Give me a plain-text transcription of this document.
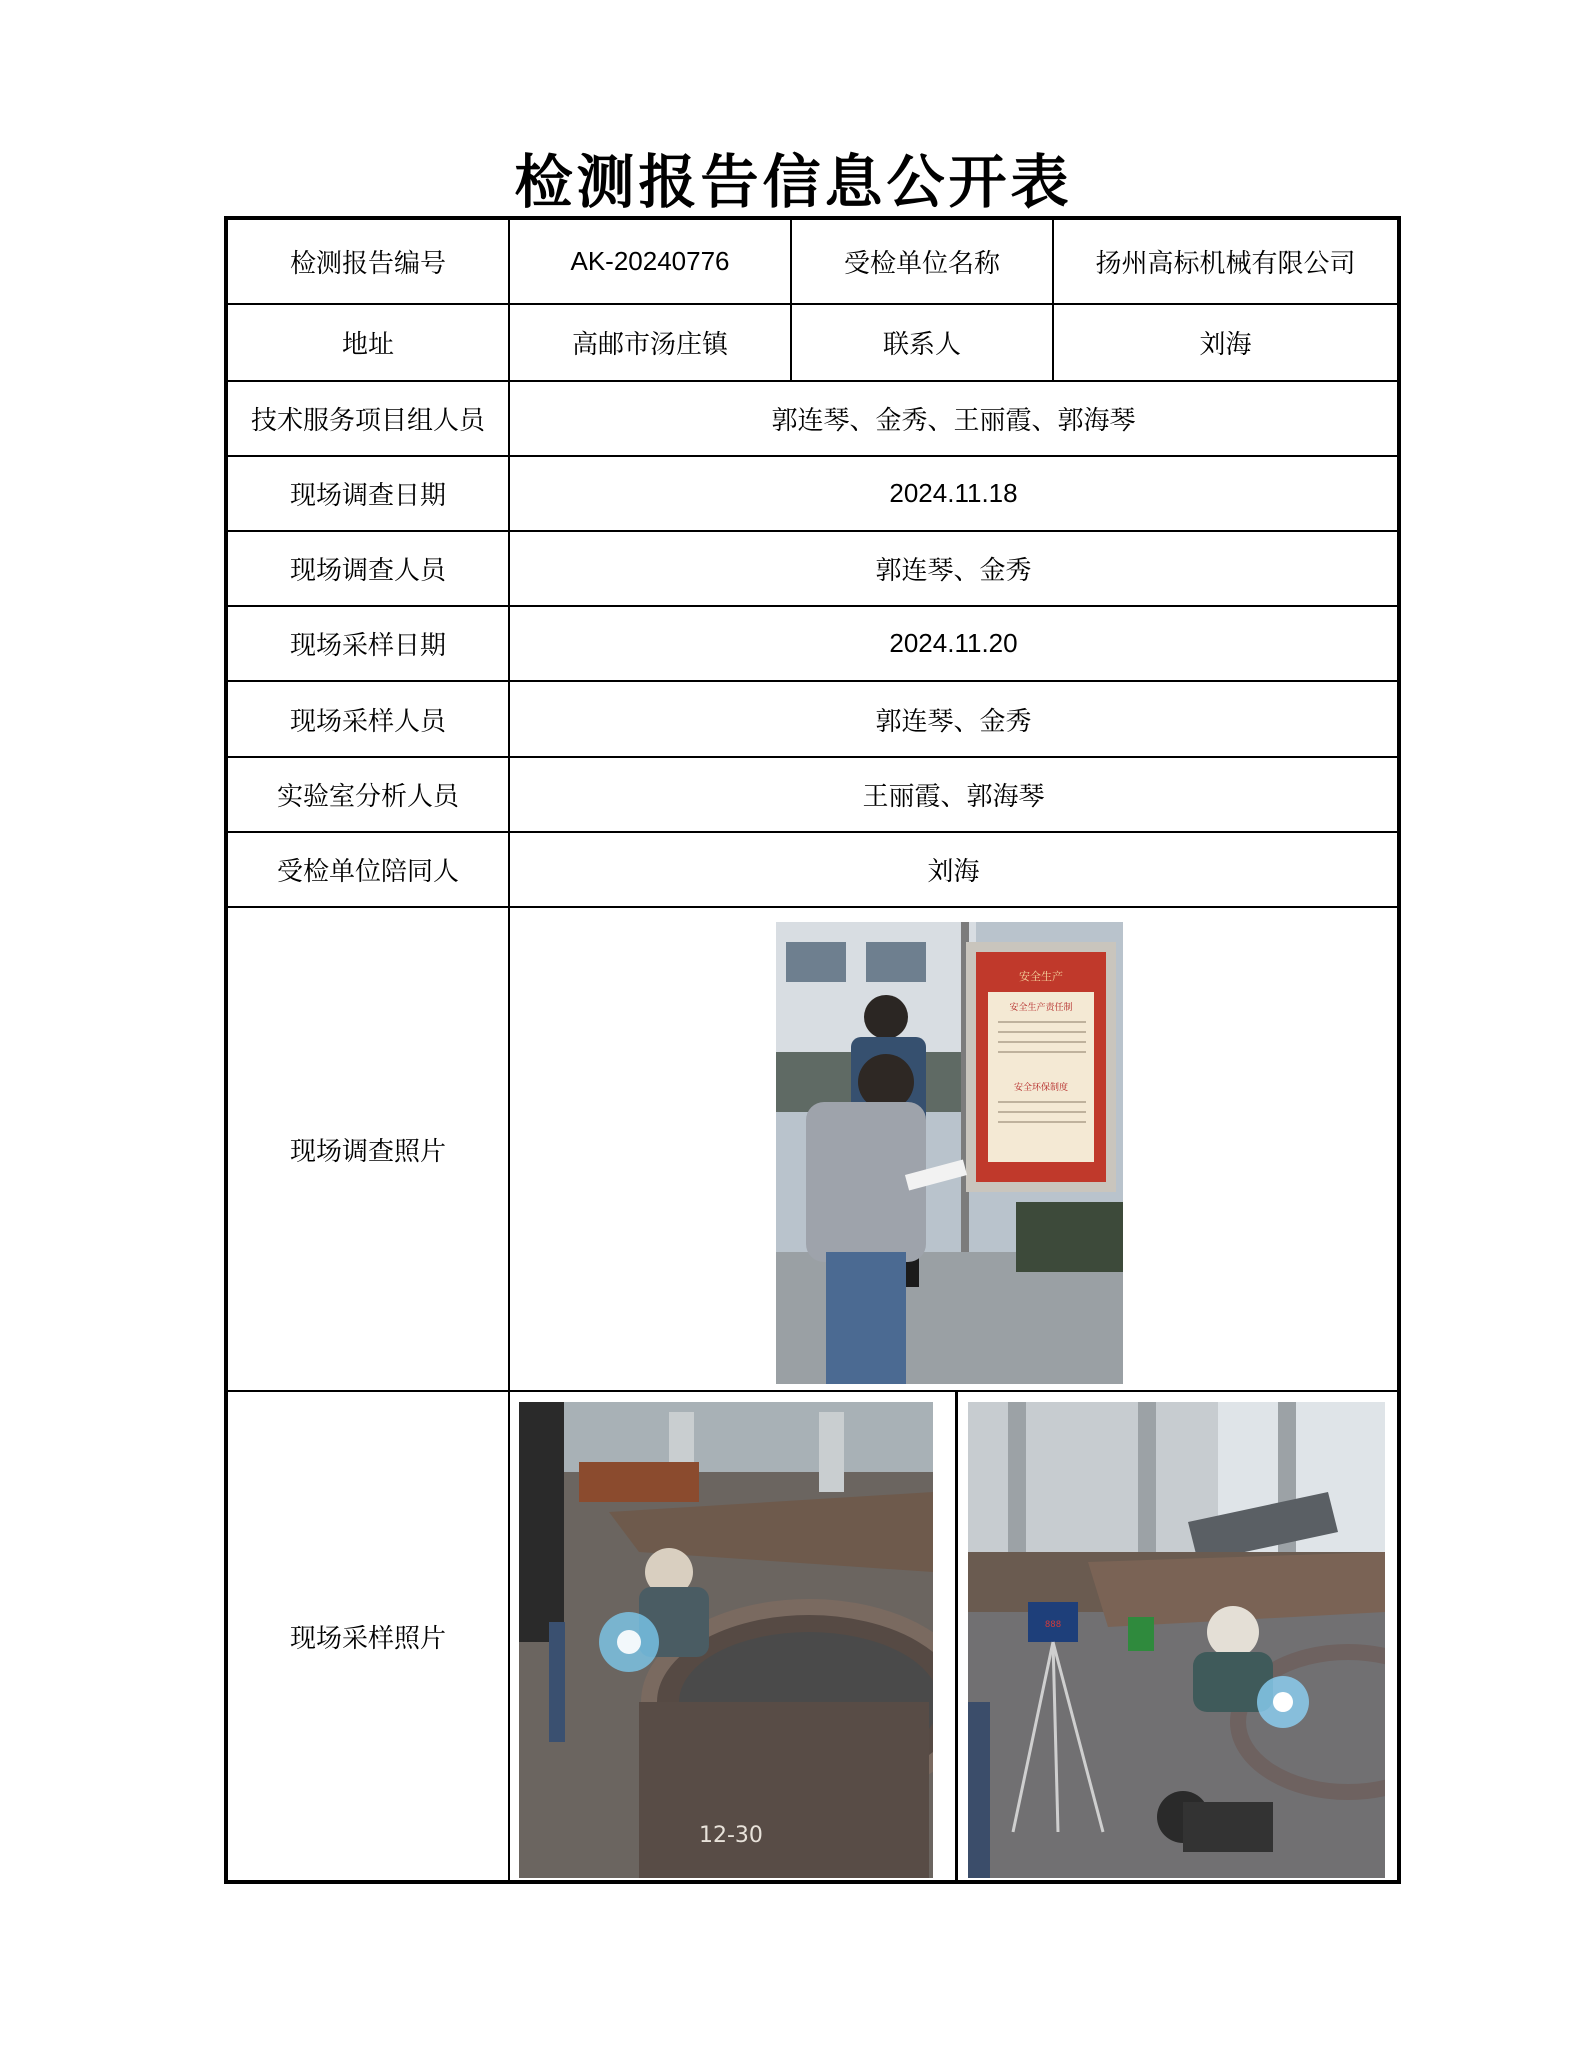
检测报告信息公开表
检测报告编号	AK-20240776	受检单位名称	扬州高标机械有限公司
地址	高邮市汤庄镇	联系人	刘海
技术服务项目组人员	郭连琴、金秀、王丽霞、郭海琴
现场调查日期	2024.11.18
现场调查人员	郭连琴、金秀
现场采样日期	2024.11.20
现场采样人员	郭连琴、金秀
实验室分析人员	王丽霞、郭海琴
受检单位陪同人	刘海
现场调查照片
安全生产
安全生产责任制
安全环保制度
现场采样照片
12-30
888
